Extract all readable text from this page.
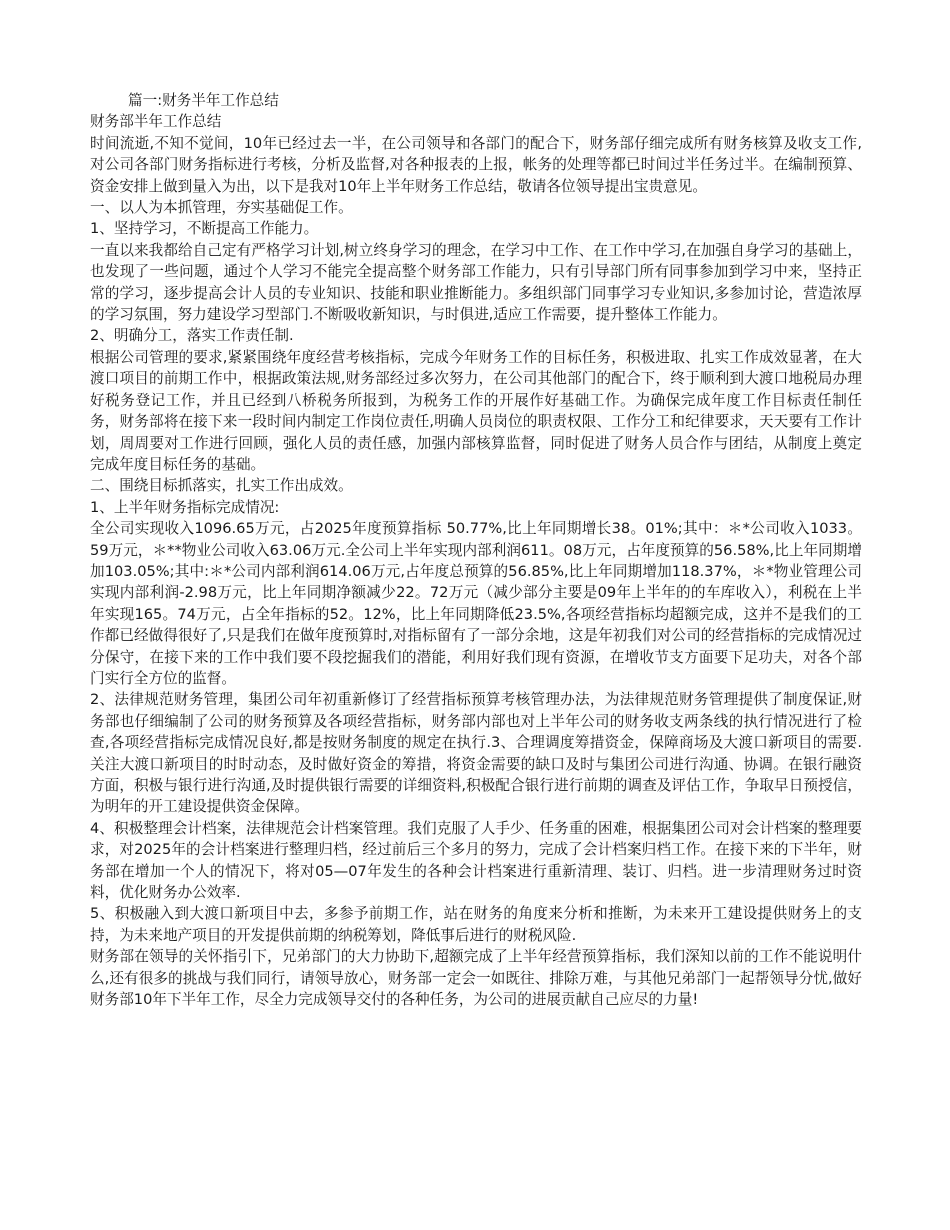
篇一:财务半年工作总结

财务部半年工作总结

时间流逝,不知不觉间，10年已经过去一半，在公司领导和各部门的配合下，财务部仔细完成所有财务核算及收支工作,对公司各部门财务指标进行考核，分析及监督,对各种报表的上报，帐务的处理等都已时间过半任务过半。在编制预算、资金安排上做到量入为出，以下是我对10年上半年财务工作总结，敬请各位领导提出宝贵意见。

一、以人为本抓管理，夯实基础促工作。

1、坚持学习，不断提高工作能力。

一直以来我都给自己定有严格学习计划,树立终身学习的理念，在学习中工作、在工作中学习,在加强自身学习的基础上，也发现了一些问题，通过个人学习不能完全提高整个财务部工作能力，只有引导部门所有同事参加到学习中来，坚持正常的学习，逐步提高会计人员的专业知识、技能和职业推断能力。多组织部门同事学习专业知识,多参加讨论，营造浓厚的学习氛围，努力建设学习型部门.不断吸收新知识，与时俱进,适应工作需要，提升整体工作能力。

2、明确分工，落实工作责任制.

根据公司管理的要求,紧紧围绕年度经营考核指标，完成今年财务工作的目标任务，积极进取、扎实工作成效显著，在大渡口项目的前期工作中，根据政策法规,财务部经过多次努力，在公司其他部门的配合下，终于顺利到大渡口地税局办理好税务登记工作，并且已经到八桥税务所报到，为税务工作的开展作好基础工作。为确保完成年度工作目标责任制任务，财务部将在接下来一段时间内制定工作岗位责任,明确人员岗位的职责权限、工作分工和纪律要求，天天要有工作计划，周周要对工作进行回顾，强化人员的责任感，加强内部核算监督，同时促进了财务人员合作与团结，从制度上奠定完成年度目标任务的基础。

二、围绕目标抓落实，扎实工作出成效。

1、上半年财务指标完成情况:

全公司实现收入1096.65万元，占2025年度预算指标 50.77%,比上年同期增长38。01%;其中：＊*公司收入1033。59万元，＊**物业公司收入63.06万元.全公司上半年实现内部利润611。08万元，占年度预算的56.58%,比上年同期增加103.05%;其中:＊*公司内部利润614.06万元,占年度总预算的56.85%,比上年同期增加118.37%，＊*物业管理公司实现内部利润-2.98万元，比上年同期净额减少22。72万元（减少部分主要是09年上半年的的车库收入），利税在上半年实现165。74万元，占全年指标的52。12%，比上年同期降低23.5%,各项经营指标均超额完成，这并不是我们的工作都已经做得很好了,只是我们在做年度预算时,对指标留有了一部分余地，这是年初我们对公司的经营指标的完成情况过分保守，在接下来的工作中我们要不段挖掘我们的潜能，利用好我们现有资源，在增收节支方面要下足功夫，对各个部门实行全方位的监督。

2、法律规范财务管理，集团公司年初重新修订了经营指标预算考核管理办法，为法律规范财务管理提供了制度保证,财务部也仔细编制了公司的财务预算及各项经营指标，财务部内部也对上半年公司的财务收支两条线的执行情况进行了检查,各项经营指标完成情况良好,都是按财务制度的规定在执行.3、合理调度筹措资金，保障商场及大渡口新项目的需要.关注大渡口新项目的时时动态，及时做好资金的筹措，将资金需要的缺口及时与集团公司进行沟通、协调。在银行融资方面，积极与银行进行沟通,及时提供银行需要的详细资料,积极配合银行进行前期的调查及评估工作，争取早日预授信，为明年的开工建设提供资金保障。

4、积极整理会计档案，法律规范会计档案管理。我们克服了人手少、任务重的困难，根据集团公司对会计档案的整理要求，对2025年的会计档案进行整理归档，经过前后三个多月的努力，完成了会计档案归档工作。在接下来的下半年，财务部在增加一个人的情况下，将对05—07年发生的各种会计档案进行重新清理、装订、归档。进一步清理财务过时资料，优化财务办公效率.

5、积极融入到大渡口新项目中去，多参予前期工作，站在财务的角度来分析和推断，为未来开工建设提供财务上的支持，为未来地产项目的开发提供前期的纳税筹划，降低事后进行的财税风险.

财务部在领导的关怀指引下，兄弟部门的大力协助下,超额完成了上半年经营预算指标，我们深知以前的工作不能说明什么,还有很多的挑战与我们同行，请领导放心，财务部一定会一如既往、排除万难，与其他兄弟部门一起帮领导分忧,做好财务部10年下半年工作，尽全力完成领导交付的各种任务，为公司的进展贡献自己应尽的力量!
